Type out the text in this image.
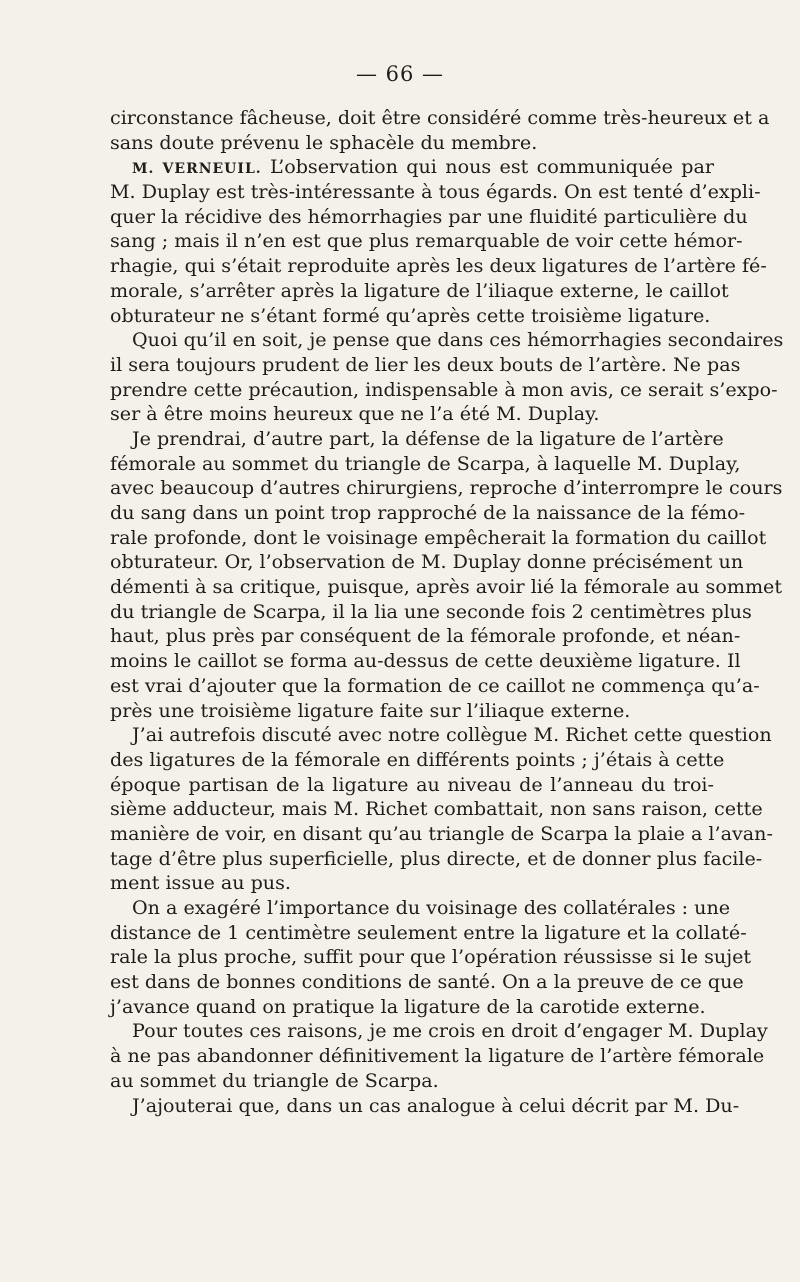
— 66 —
circonstance fâcheuse, doit être considéré comme très-heureux et a
sans doute prévenu le sphacèle du membre.
M. VERNEUIL. L’observation qui nous est communiquée par
M. Duplay est très-intéressante à tous égards. On est tenté d’expli-
quer la récidive des hémorrhagies par une fluidité particulière du
sang ; mais il n’en est que plus remarquable de voir cette hémor-
rhagie, qui s’était reproduite après les deux ligatures de l’artère fé-
morale, s’arrêter après la ligature de l’iliaque externe, le caillot
obturateur ne s’étant formé qu’après cette troisième ligature.
Quoi qu’il en soit, je pense que dans ces hémorrhagies secondaires
il sera toujours prudent de lier les deux bouts de l’artère. Ne pas
prendre cette précaution, indispensable à mon avis, ce serait s’expo-
ser à être moins heureux que ne l’a été M. Duplay.
Je prendrai, d’autre part, la défense de la ligature de l’artère
fémorale au sommet du triangle de Scarpa, à laquelle M. Duplay,
avec beaucoup d’autres chirurgiens, reproche d’interrompre le cours
du sang dans un point trop rapproché de la naissance de la fémo-
rale profonde, dont le voisinage empêcherait la formation du caillot
obturateur. Or, l’observation de M. Duplay donne précisément un
démenti à sa critique, puisque, après avoir lié la fémorale au sommet
du triangle de Scarpa, il la lia une seconde fois 2 centimètres plus
haut, plus près par conséquent de la fémorale profonde, et néan-
moins le caillot se forma au-dessus de cette deuxième ligature. Il
est vrai d’ajouter que la formation de ce caillot ne commença qu’a-
près une troisième ligature faite sur l’iliaque externe.
J’ai autrefois discuté avec notre collègue M. Richet cette question
des ligatures de la fémorale en différents points ; j’étais à cette
époque partisan de la ligature au niveau de l’anneau du troi-
sième adducteur, mais M. Richet combattait, non sans raison, cette
manière de voir, en disant qu’au triangle de Scarpa la plaie a l’avan-
tage d’être plus superficielle, plus directe, et de donner plus facile-
ment issue au pus.
On a exagéré l’importance du voisinage des collatérales : une
distance de 1 centimètre seulement entre la ligature et la collaté-
rale la plus proche, suffit pour que l’opération réussisse si le sujet
est dans de bonnes conditions de santé. On a la preuve de ce que
j’avance quand on pratique la ligature de la carotide externe.
Pour toutes ces raisons, je me crois en droit d’engager M. Duplay
à ne pas abandonner définitivement la ligature de l’artère fémorale
au sommet du triangle de Scarpa.
J’ajouterai que, dans un cas analogue à celui décrit par M. Du-
